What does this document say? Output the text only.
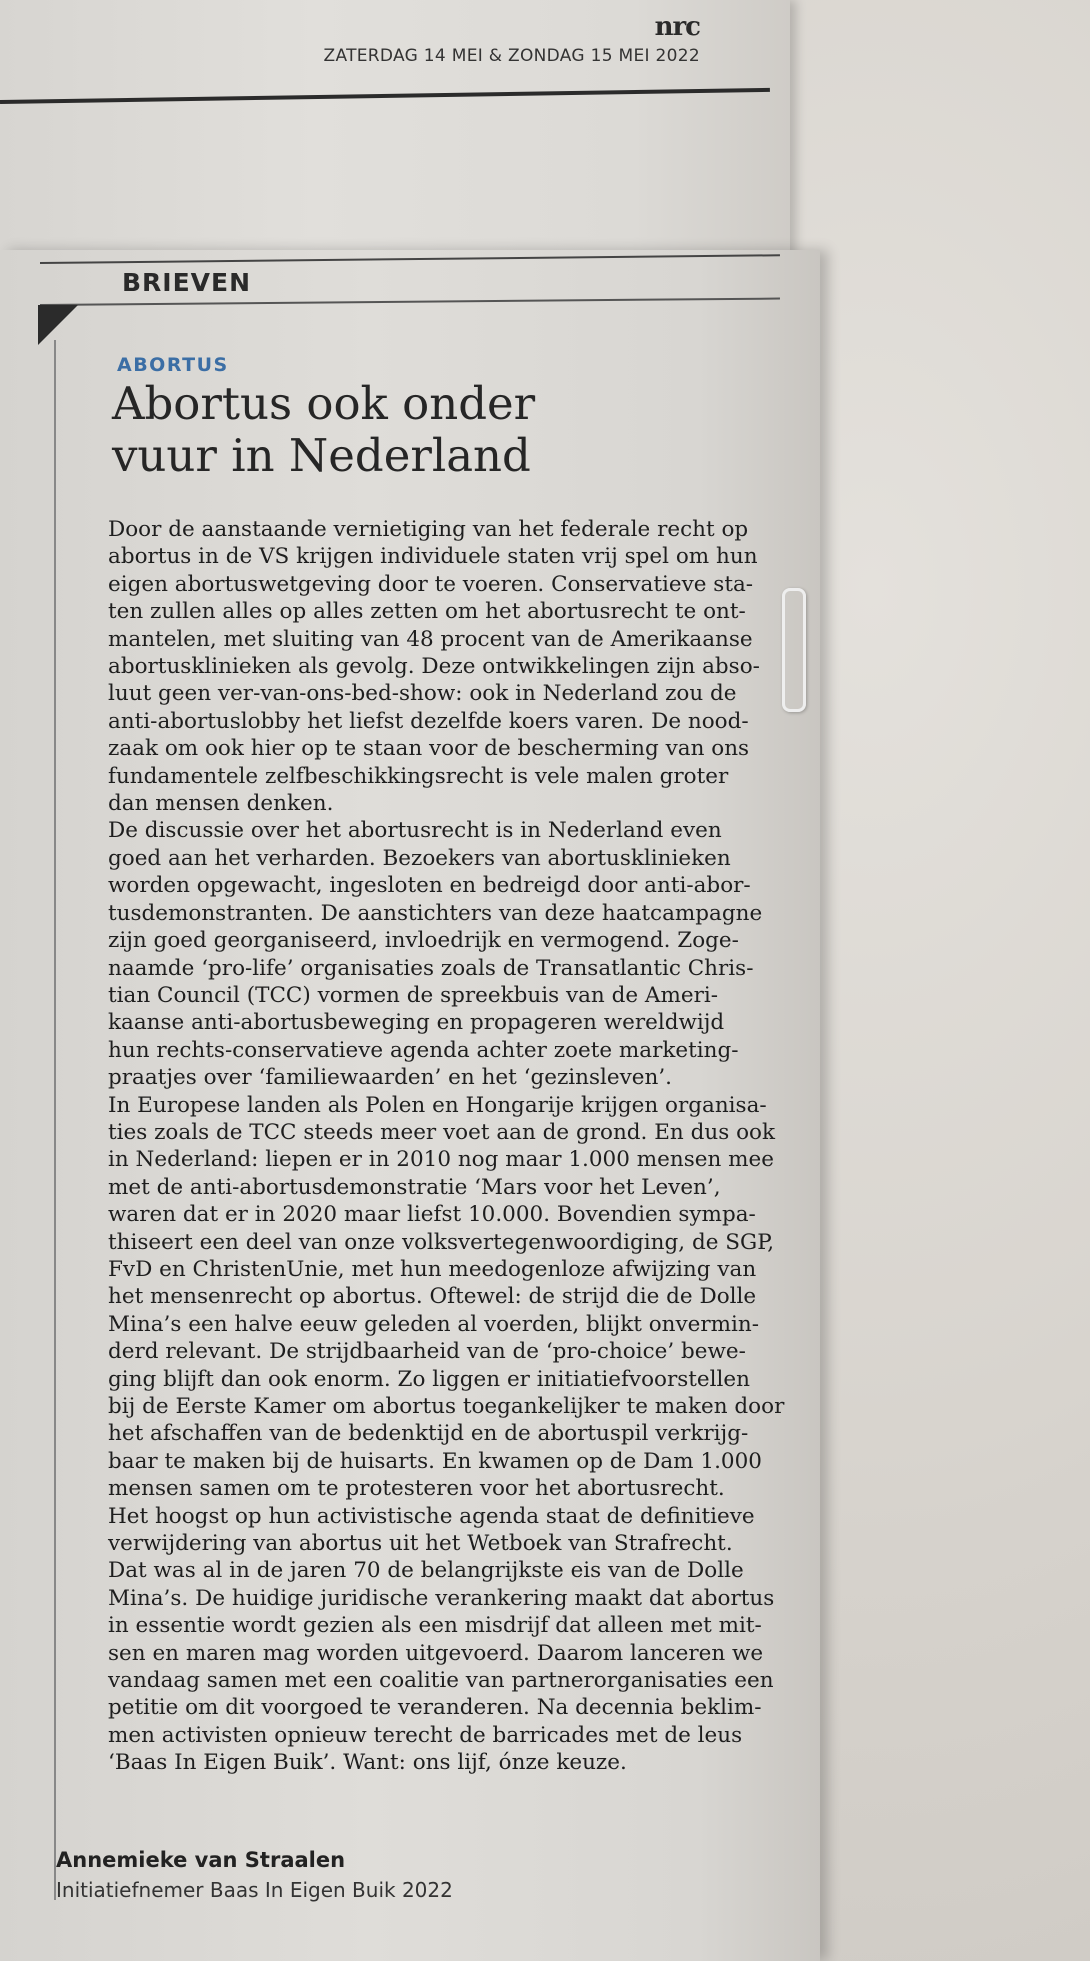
nrc
ZATERDAG 14 MEI & ZONDAG 15 MEI 2022
BRIEVEN
ABORTUS
Abortus ook onder
vuur in Nederland
Door de aanstaande vernietiging van het federale recht op
abortus in de VS krijgen individuele staten vrij spel om hun
eigen abortuswetgeving door te voeren. Conservatieve sta-
ten zullen alles op alles zetten om het abortusrecht te ont-
mantelen, met sluiting van 48 procent van de Amerikaanse
abortusklinieken als gevolg. Deze ontwikkelingen zijn abso-
luut geen ver-van-ons-bed-show: ook in Nederland zou de
anti-abortuslobby het liefst dezelfde koers varen. De nood-
zaak om ook hier op te staan voor de bescherming van ons
fundamentele zelfbeschikkingsrecht is vele malen groter
dan mensen denken.
De discussie over het abortusrecht is in Nederland even
goed aan het verharden. Bezoekers van abortusklinieken
worden opgewacht, ingesloten en bedreigd door anti-abor-
tusdemonstranten. De aanstichters van deze haatcampagne
zijn goed georganiseerd, invloedrijk en vermogend. Zoge-
naamde ‘pro-life’ organisaties zoals de Transatlantic Chris-
tian Council (TCC) vormen de spreekbuis van de Ameri-
kaanse anti-abortusbeweging en propageren wereldwijd
hun rechts-conservatieve agenda achter zoete marketing-
praatjes over ‘familiewaarden’ en het ‘gezinsleven’.
In Europese landen als Polen en Hongarije krijgen organisa-
ties zoals de TCC steeds meer voet aan de grond. En dus ook
in Nederland: liepen er in 2010 nog maar 1.000 mensen mee
met de anti-abortusdemonstratie ‘Mars voor het Leven’,
waren dat er in 2020 maar liefst 10.000. Bovendien sympa-
thiseert een deel van onze volksvertegenwoordiging, de SGP,
FvD en ChristenUnie, met hun meedogenloze afwijzing van
het mensenrecht op abortus. Oftewel: de strijd die de Dolle
Mina’s een halve eeuw geleden al voerden, blijkt onvermin-
derd relevant. De strijdbaarheid van de ‘pro-choice’ bewe-
ging blijft dan ook enorm. Zo liggen er initiatiefvoorstellen
bij de Eerste Kamer om abortus toegankelijker te maken door
het afschaffen van de bedenktijd en de abortuspil verkrijg-
baar te maken bij de huisarts. En kwamen op de Dam 1.000
mensen samen om te protesteren voor het abortusrecht.
Het hoogst op hun activistische agenda staat de definitieve
verwijdering van abortus uit het Wetboek van Strafrecht.
Dat was al in de jaren 70 de belangrijkste eis van de Dolle
Mina’s. De huidige juridische verankering maakt dat abortus
in essentie wordt gezien als een misdrijf dat alleen met mit-
sen en maren mag worden uitgevoerd. Daarom lanceren we
vandaag samen met een coalitie van partnerorganisaties een
petitie om dit voorgoed te veranderen. Na decennia beklim-
men activisten opnieuw terecht de barricades met de leus
‘Baas In Eigen Buik’. Want: ons lijf, ónze keuze.
Annemieke van Straalen
Initiatiefnemer Baas In Eigen Buik 2022
